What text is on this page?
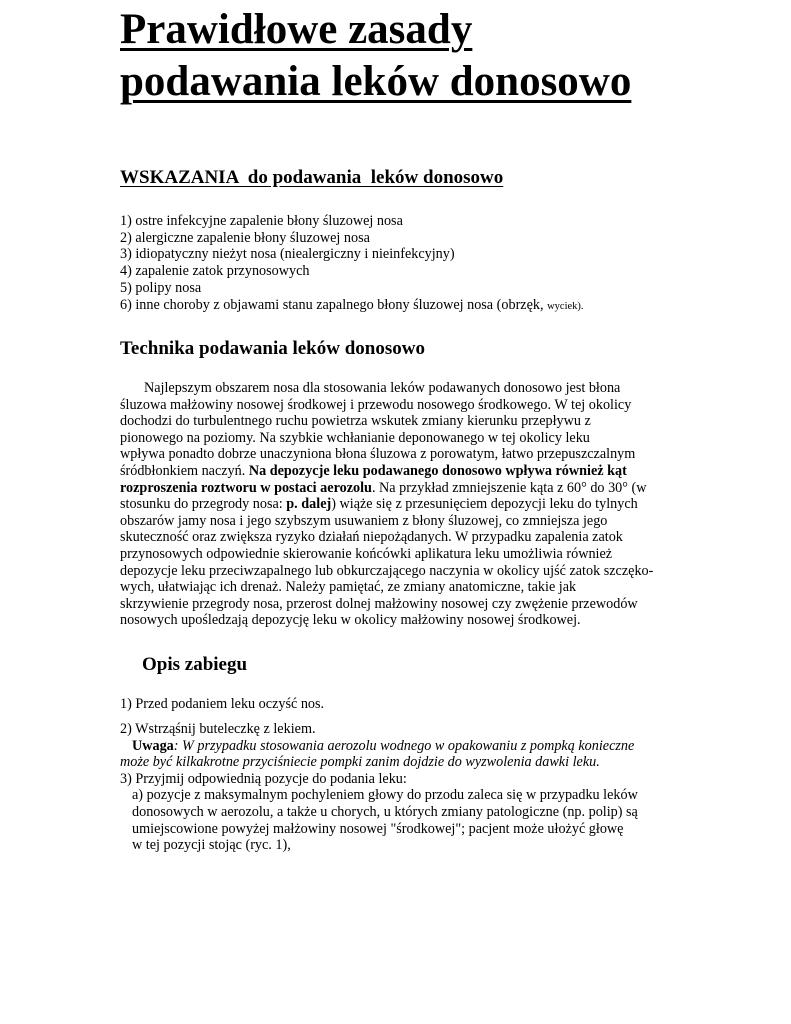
Prawidłowe zasady
podawania leków donosowo
WSKAZANIA  do podawania  leków donosowo
1) ostre infekcyjne zapalenie błony śluzowej nosa
2) alergiczne zapalenie błony śluzowej nosa
3) idiopatyczny nieżyt nosa (niealergiczny i nieinfekcyjny)
4) zapalenie zatok przynosowych
5) polipy nosa
6) inne choroby z objawami stanu zapalnego błony śluzowej nosa (obrzęk, wyciek).
Technika podawania leków donosowo

Najlepszym obszarem nosa dla stosowania leków podawanych donosowo jest błona
śluzowa małżowiny nosowej środkowej i przewodu nosowego środkowego. W tej okolicy
dochodzi do turbulentnego ruchu powietrza wskutek zmiany kierunku przepływu z
pionowego na poziomy. Na szybkie wchłanianie deponowanego w tej okolicy leku
wpływa ponadto dobrze unaczyniona błona śluzowa z porowatym, łatwo przepuszczalnym
śródbłonkiem naczyń. Na depozycje leku podawanego donosowo wpływa również kąt
rozproszenia roztworu w postaci aerozolu. Na przykład zmniejszenie kąta z 60° do 30° (w
stosunku do przegrody nosa: p. dalej) wiąże się z przesunięciem depozycji leku do tylnych
obszarów jamy nosa i jego szybszym usuwaniem z błony śluzowej, co zmniejsza jego
skuteczność oraz zwiększa ryzyko działań niepożądanych. W przypadku zapalenia zatok
przynosowych odpowiednie skierowanie końcówki aplikatura leku umożliwia również
depozycje leku przeciwzapalnego lub obkurczającego naczynia w okolicy ujść zatok szczęko-
wych, ułatwiając ich drenaż. Należy pamiętać, ze zmiany anatomiczne, takie jak
skrzywienie przegrody nosa, przerost dolnej małżowiny nosowej czy zwężenie przewodów
nosowych upośledzają depozycję leku w okolicy małżowiny nosowej środkowej.

Opis zabiegu
1) Przed podaniem leku oczyść nos.
2) Wstrząśnij buteleczkę z lekiem.
Uwaga: W przypadku stosowania aerozolu wodnego w opakowaniu z pompką konieczne
może być kilkakrotne przyciśniecie pompki zanim dojdzie do wyzwolenia dawki leku.
3) Przyjmij odpowiednią pozycje do podania leku:
a) pozycje z maksymalnym pochyleniem głowy do przodu zaleca się w przypadku leków
donosowych w aerozolu, a także u chorych, u których zmiany patologiczne (np. polip) są
umiejscowione powyżej małżowiny nosowej "środkowej"; pacjent może ułożyć głowę
w tej pozycji stojąc (ryc. 1),
